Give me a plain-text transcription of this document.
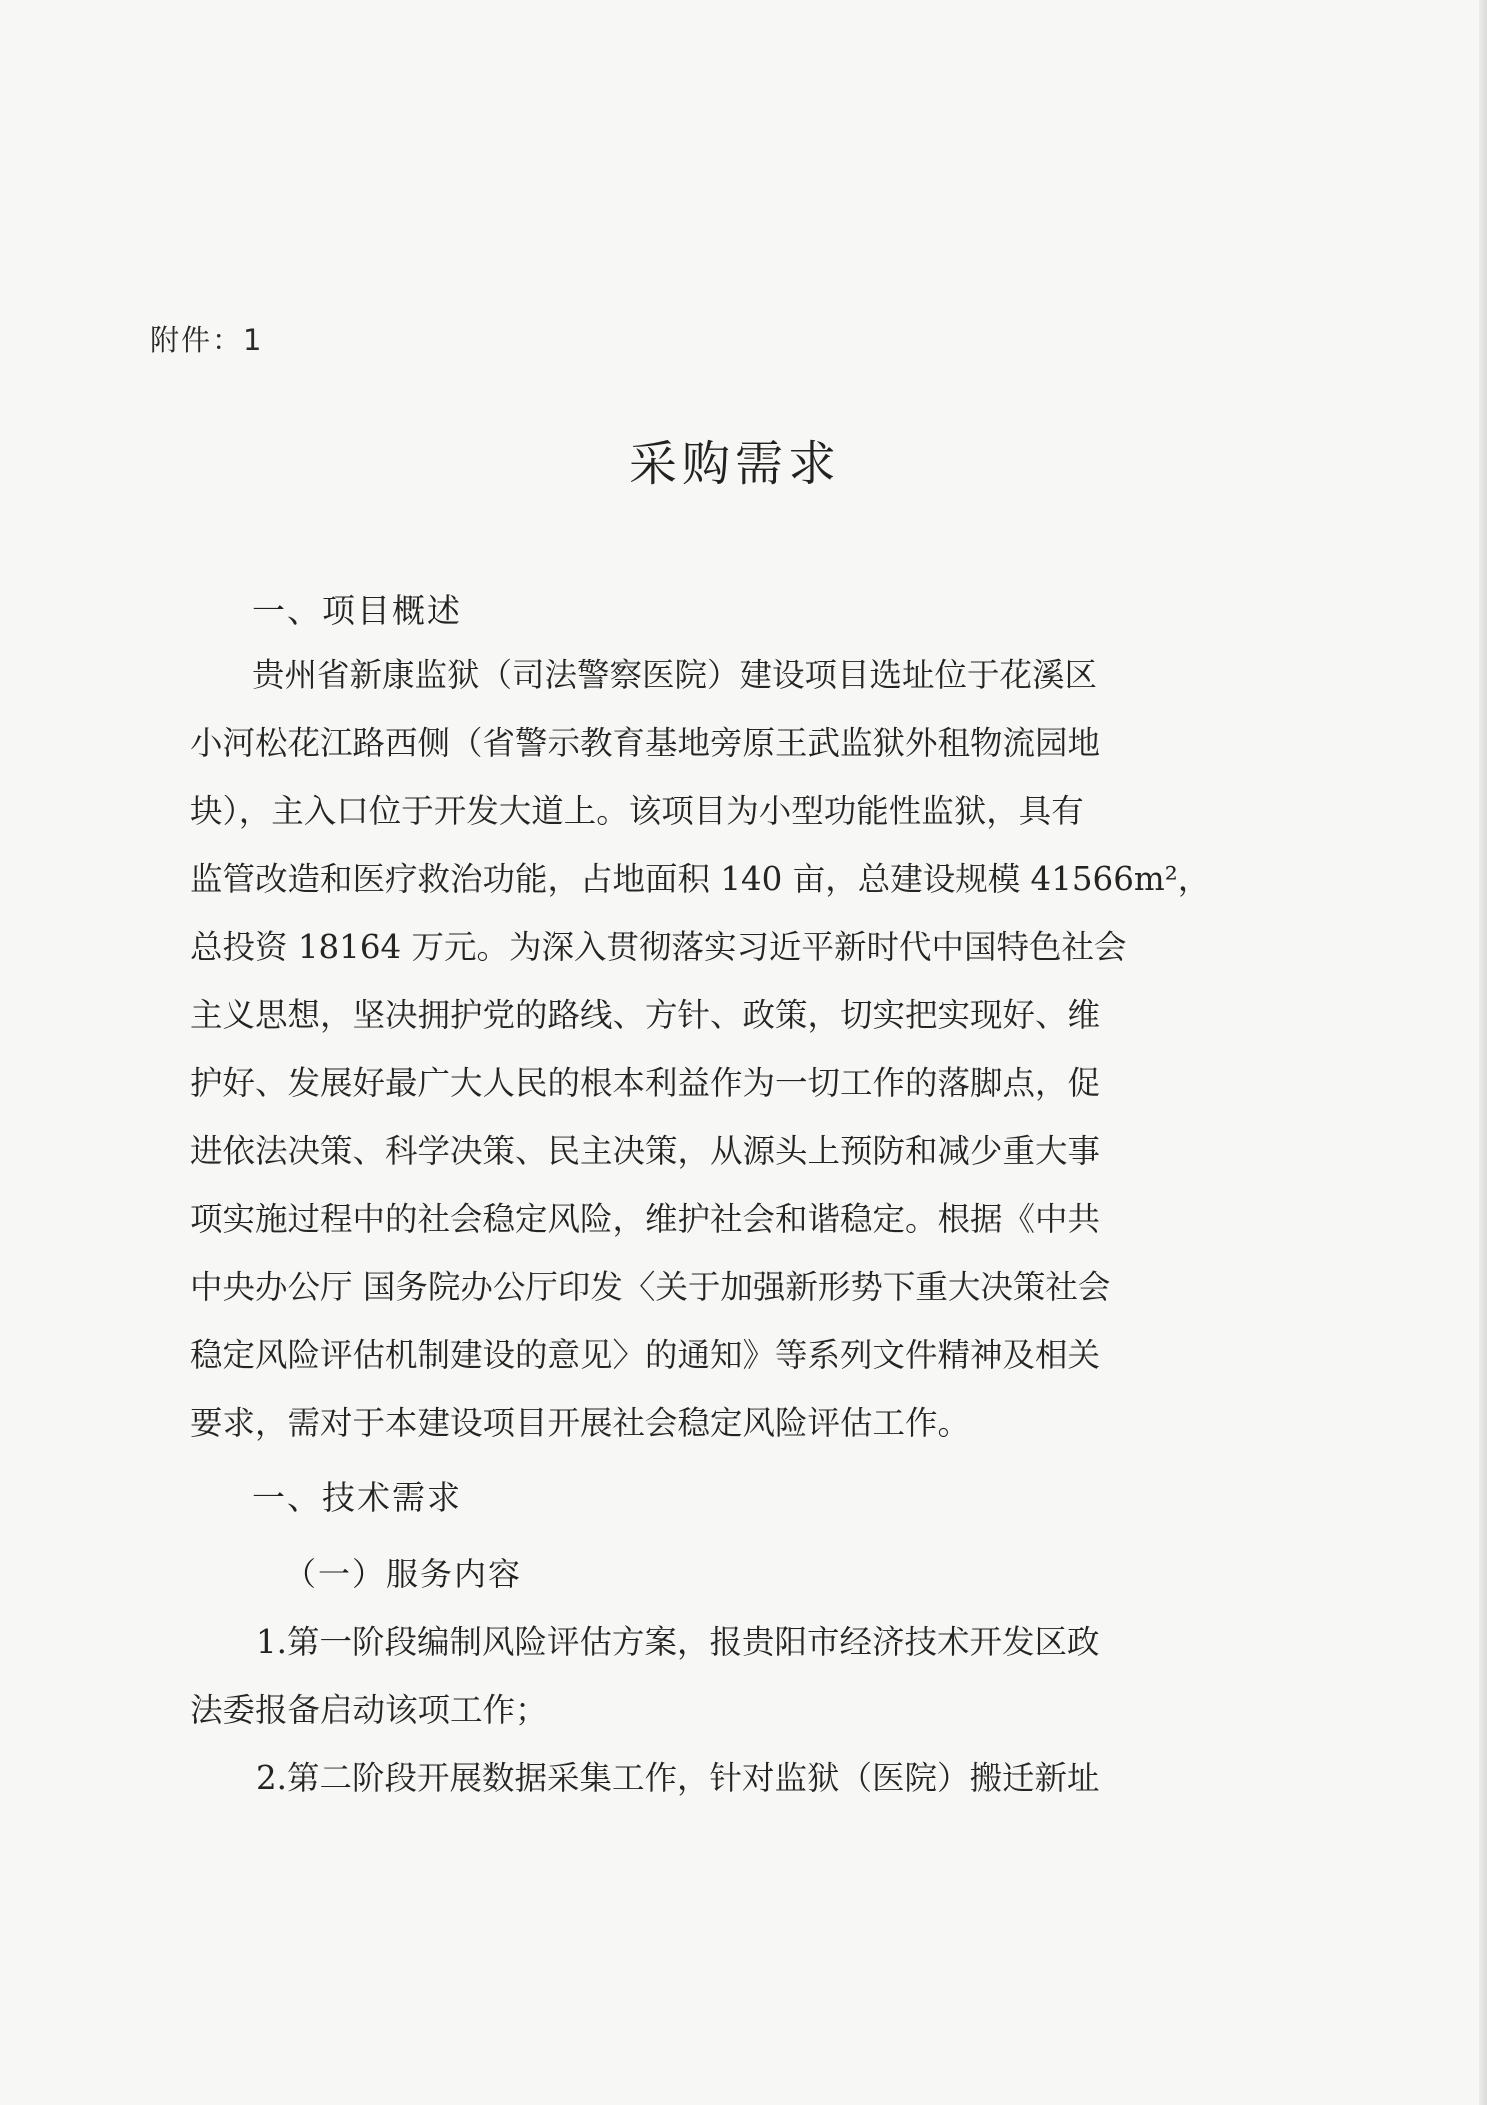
附件：1
采购需求
一、项目概述
贵州省新康监狱（司法警察医院）建设项目选址位于花溪区
小河松花江路西侧（省警示教育基地旁原王武监狱外租物流园地
块），主入口位于开发大道上。该项目为小型功能性监狱，具有
监管改造和医疗救治功能，占地面积 140 亩，总建设规模 41566m²，
总投资 18164 万元。为深入贯彻落实习近平新时代中国特色社会
主义思想，坚决拥护党的路线、方针、政策，切实把实现好、维
护好、发展好最广大人民的根本利益作为一切工作的落脚点，促
进依法决策、科学决策、民主决策，从源头上预防和减少重大事
项实施过程中的社会稳定风险，维护社会和谐稳定。根据《中共
中央办公厅 国务院办公厅印发〈关于加强新形势下重大决策社会
稳定风险评估机制建设的意见〉的通知》等系列文件精神及相关
要求，需对于本建设项目开展社会稳定风险评估工作。
一、技术需求
（一）服务内容
1.第一阶段编制风险评估方案，报贵阳市经济技术开发区政
法委报备启动该项工作；
2.第二阶段开展数据采集工作，针对监狱（医院）搬迁新址
